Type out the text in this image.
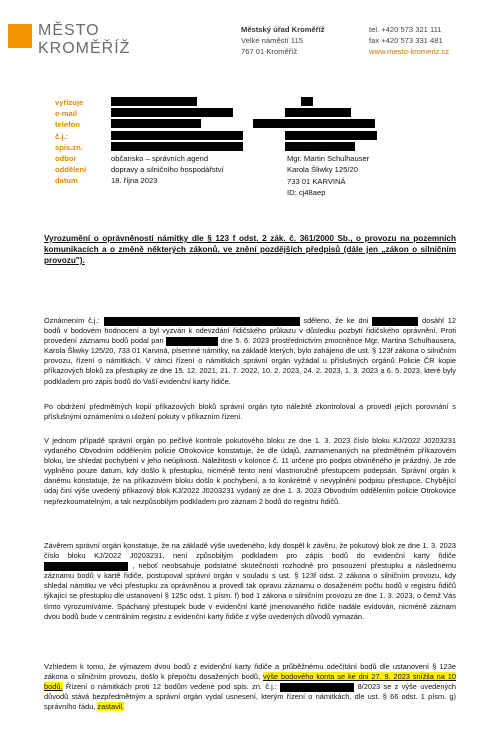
MĚSTO
KROMĚŘÍŽ
Městský úřad Kroměříž
Velké náměstí 115
767 01 Kroměříž
tel. +420 573 321 111
fax +420 573 331 481
www.mesto-kromeriz.cz
vyřizuje
e-mail
telefon
č.j.:
spis.zn.
odbor	občansko – správních agend
oddělení	dopravy a silničního hospodářství
datum	18. října 2023
Zmocněnec:
Mgr. Martin Schulhauser
Karola Šliwky 125/20
733 01 KARVINÁ
ID: cj48aep
Vyrozumění o oprávněnosti námitky dle § 123 f odst. 2 zák. č. 361/2000 Sb., o provozu na pozemních komunikacích a o změně některých zákonů, ve znění pozdějších předpisů (dále jen „zákon o silničním provozu").
Oznámením č.j.:	sděleno, že ke dni	dosáhl 12 bodů v bodovém hodnocení a byl vyzván k odevzdání řidičského průkazu v důsledku pozbytí řidičského oprávnění. Proti provedení záznamu bodů podal pan	dne 5. 6. 2023 prostřednictvím zmocněnce Mgr. Martina Schulhausera, Karola Šliwky 125/20, 733 01 Karviná, písemné námitky, na základě kterých, bylo zahájeno dle ust. § 123f zákona o silničním provozu, řízení o námitkách. V rámci řízení o námitkách správní orgán vyžádal u příslušných orgánů Policie ČR kopie příkazových bloků za přestupky ze dne 15. 12. 2021, 21. 7. 2022, 10. 2. 2023, 24. 2. 2023, 1. 3. 2023 a 6. 5. 2023, které byly podkladem pro zápis bodů do Vaší evidenční karty řidiče.
Po obdržení předmětných kopií příkazových bloků správní orgán tyto náležitě zkontroloval a provedl jejich porovnání s příslušnými oznámeními o uložení pokuty v příkazním řízení.
V jednom případě správní orgán po pečlivé kontrole pokutového bloku ze dne 1. 3. 2023 číslo bloku KJ/2022 J0203231 vydaného Obvodním oddělením policie Otrokovice konstatuje, že dle údajů, zaznamenaných na předmětném příkazovém bloku, lze shledat pochybení v jeho neúplnosti. Náležitosti v kolonce č. 11 určené pro podpis obviněného je prázdný. Je zde vyplněno pouze datum, kdy došlo k přestupku, nicméně tento není vlastnoručně přestupcem podepsán. Správní orgán k danému konstatuje, že na příkazovém bloku došlo k pochybení, a to konkrétně v nevyplnění podpisu přestupce. Chybějící údaj činí výše uvedený příkazový blok KJ/2022 J0203231 vydaný ze dne 1. 3. 2023 Obvodním oddělením policie Otrokovice nepřezkoumatelným, a tak nezpůsobilým podkladem pro záznam 2 bodů do registru řidičů.
Závěrem správní orgán konstatuje, že na základě výše uvedeného, kdy dospěl k závěru, že pokutový blok ze dne 1. 3. 2023 číslo bloku KJ/2022 J0203231, není způsobilým podkladem pro zápis bodů do evidenční karty řidiče  , neboť neobsahuje podstatné skutečnosti rozhodné pro posouzení přestupku a následnému záznamu bodů v kartě řidiče, postupoval správní orgán v souladu s ust. § 123f odst. 2 zákona o silničním provozu, kdy shledal námitku ve věci přestupku za oprávněnou a provedl tak opravu záznamu o dosaženém počtu bodů v registru řidičů týkající se přestupku dle ustanovení § 125c odst. 1 písm. f) bod 1 zákona o silničním provozu ze dne 1. 3. 2023, o čemž Vás tímto vyrozumíváme. Spáchaný přestupek bude v evidenční kartě jmenovaného řidiče nadále evidován, nicméně záznam dvou bodů bude v centrálním registru z evidenční karty řidiče z výše uvedených důvodů vymazán.
Vzhledem k tomu, že výmazem dvou bodů z evidenční karty řidiče a průběžnému odečítání bodů dle ustanovení § 123e zákona o silničním provozu, došlo k přepočtu dosažených bodů, výše bodového konta se ke dni 27. 9. 2023 snížila na 10 bodů. Řízení o námitkách proti 12 bodům vedené pod spis. zn. č.j.:	8/2023 se z výše uvedených důvodů stává bezpředmětným a správní orgán vydal usnesení, kterým řízení o námitkách, dle ust. § 66 odst. 1 písm. g) správního řádu, zastavil.
